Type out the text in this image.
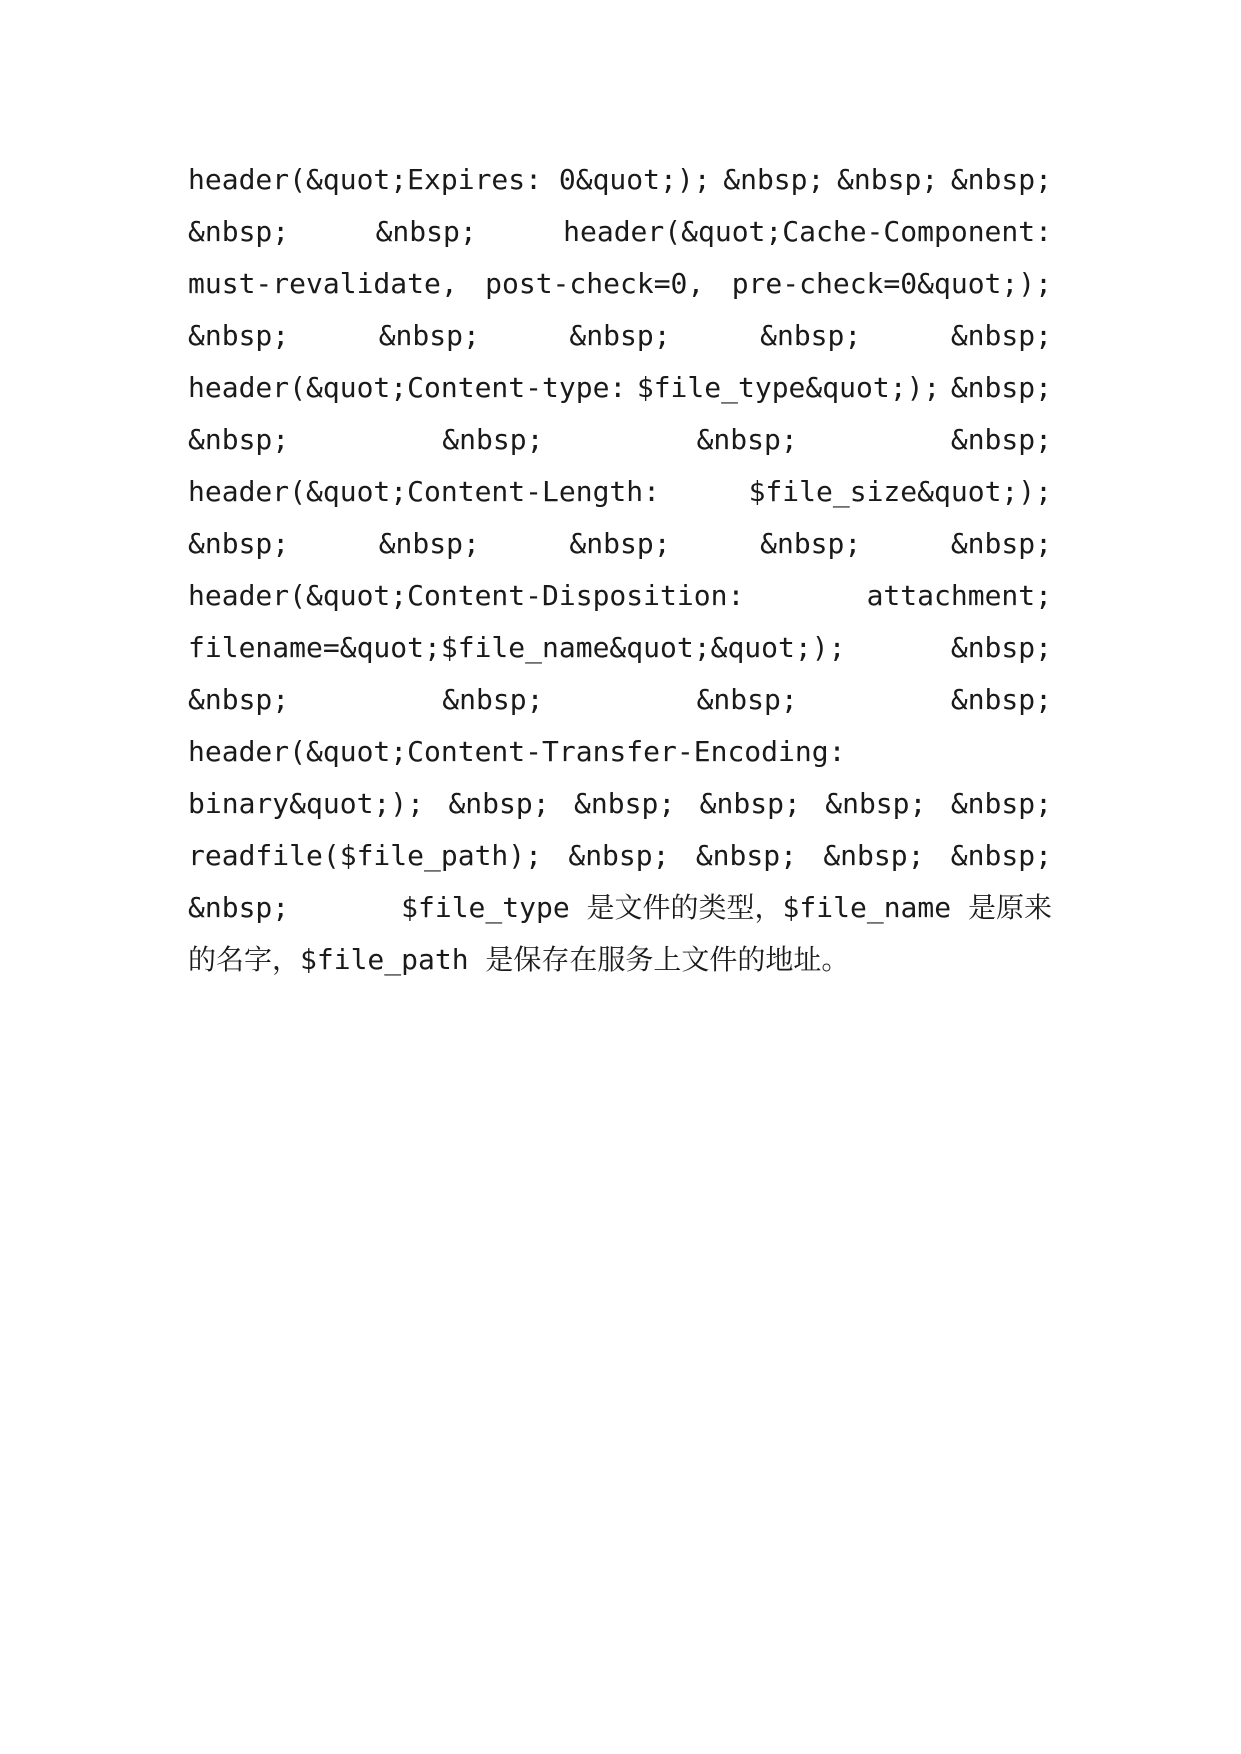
header(&quot;Expires: 0&quot;); &nbsp; &nbsp; &nbsp;
&nbsp;	&nbsp;	header(&quot;Cache-Component:
must-revalidate, post-check=0, pre-check=0&quot;);
&nbsp;	&nbsp;	&nbsp;	&nbsp;	&nbsp;
header(&quot;Content-type: $file_type&quot;); &nbsp;
&nbsp;	&nbsp;	&nbsp;	&nbsp;
header(&quot;Content-Length:	$file_size&quot;);
&nbsp;	&nbsp;	&nbsp;	&nbsp;	&nbsp;
header(&quot;Content-Disposition:	attachment;
filename=&quot;$file_name&quot;&quot;);	&nbsp;
&nbsp;	&nbsp;	&nbsp;	&nbsp;
header(&quot;Content-Transfer-Encoding:
binary&quot;); &nbsp; &nbsp; &nbsp; &nbsp; &nbsp;
readfile($file_path); &nbsp; &nbsp; &nbsp; &nbsp;
&nbsp;	$file_type 是文件的类型，$file_name 是原来
的名字，$file_path 是保存在服务上文件的地址。
